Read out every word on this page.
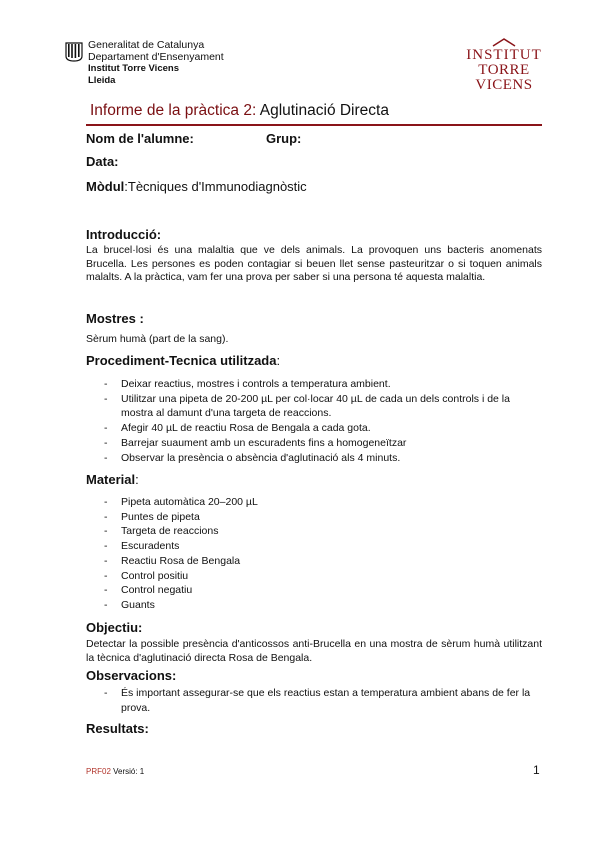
Generalitat de Catalunya
Departament d'Ensenyament
Institut Torre Vicens
Lleida
INSTITUT
TORRE VICENS
Informe de la pràctica 2: Aglutinació Directa
Nom de l'alumne:	Grup:
Data:
Mòdul:Tècniques d'Immunodiagnòstic
Introducció:
La brucel·losi és una malaltia que ve dels animals. La provoquen uns bacteris anomenats Brucella. Les persones es poden contagiar si beuen llet sense pasteuritzar o si toquen animals malalts. A la pràctica, vam fer una prova per saber si una persona té aquesta malaltia.
Mostres :
Sèrum humà (part de la sang).
Procediment-Tecnica utilitzada:
- Deixar reactius, mostres i controls a temperatura ambient.
- Utilitzar una pipeta de 20-200 µL per col·locar 40 µL de cada un dels controls i de la mostra al damunt d'una targeta de reaccions.
- Afegir 40 µL de reactiu Rosa de Bengala a cada gota.
- Barrejar suaument amb un escuradents fins a homogeneïtzar
- Observar la presència o absència d'aglutinació als 4 minuts.
Material:
- Pipeta automàtica 20–200 µL
- Puntes de pipeta
- Targeta de reaccions
- Escuradents
- Reactiu Rosa de Bengala
- Control positiu
- Control negatiu
- Guants
Objectiu:
Detectar la possible presència d'anticossos anti-Brucella en una mostra de sèrum humà utilitzant la tècnica d'aglutinació directa Rosa de Bengala.
Observacions:
- És important assegurar-se que els reactius estan a temperatura ambient abans de fer la prova.
Resultats:
PRF02 Versió: 1	1
